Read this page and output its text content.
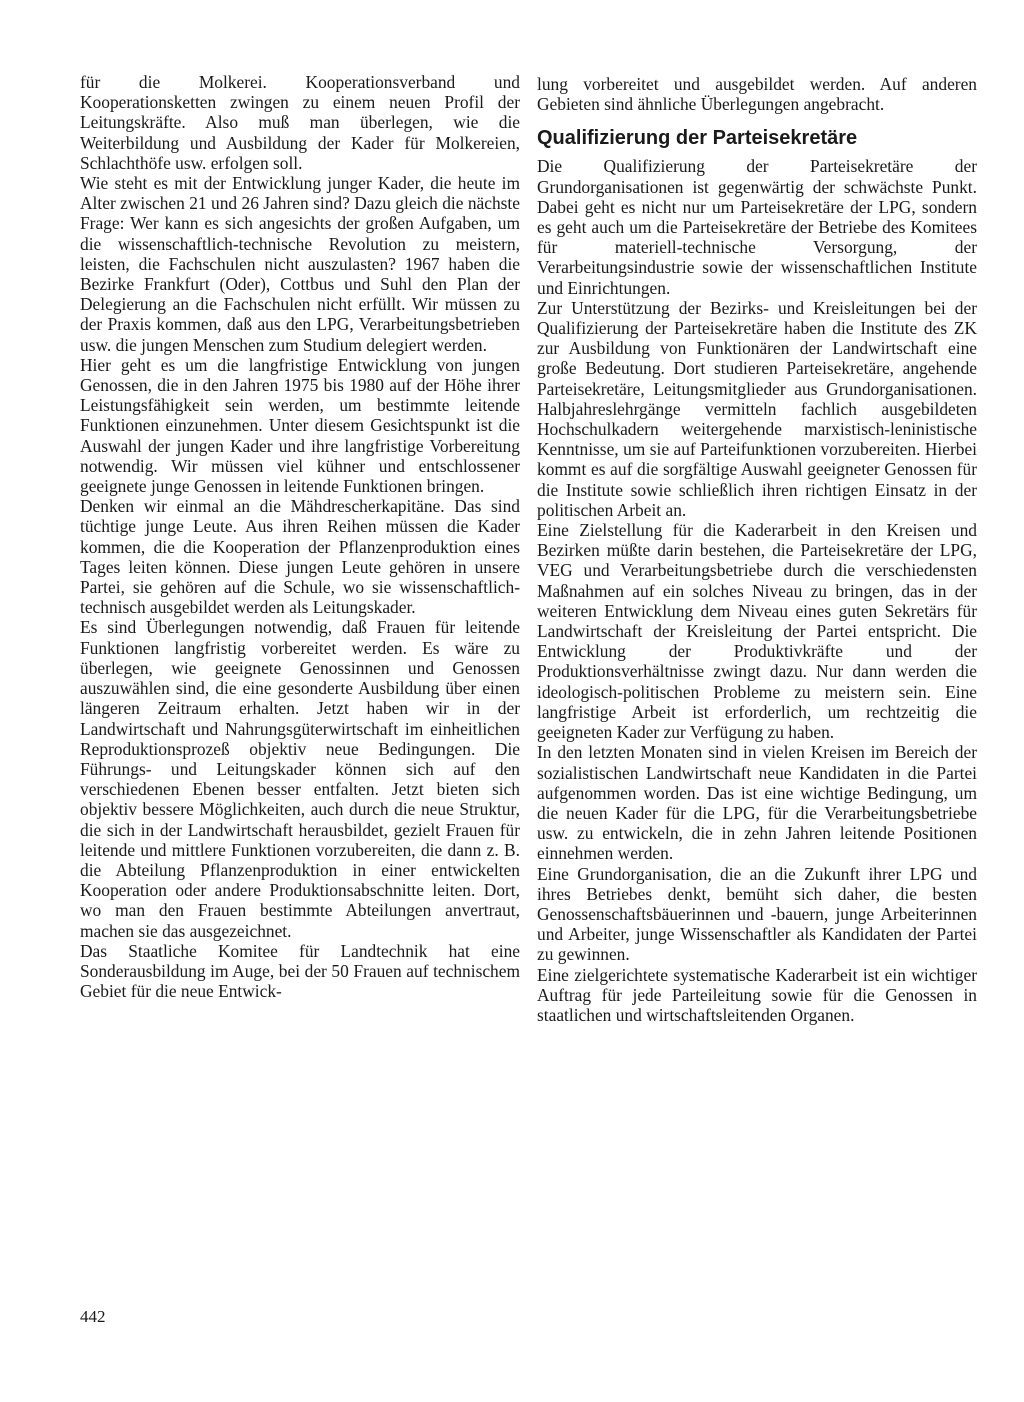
für die Molkerei. Kooperationsverband und Kooperationsketten zwingen zu einem neuen Profil der Leitungskräfte. Also muß man überlegen, wie die Weiterbildung und Ausbildung der Kader für Molkereien, Schlachthöfe usw. erfolgen soll.

Wie steht es mit der Entwicklung junger Kader, die heute im Alter zwischen 21 und 26 Jahren sind? Dazu gleich die nächste Frage: Wer kann es sich angesichts der großen Aufgaben, um die wissenschaftlich-technische Revolution zu meistern, leisten, die Fachschulen nicht auszulasten? 1967 haben die Bezirke Frankfurt (Oder), Cottbus und Suhl den Plan der Delegierung an die Fachschulen nicht erfüllt. Wir müssen zu der Praxis kommen, daß aus den LPG, Verarbeitungsbetrieben usw. die jungen Menschen zum Studium delegiert werden.

Hier geht es um die langfristige Entwicklung von jungen Genossen, die in den Jahren 1975 bis 1980 auf der Höhe ihrer Leistungsfähigkeit sein werden, um bestimmte leitende Funktionen einzunehmen. Unter diesem Gesichtspunkt ist die Auswahl der jungen Kader und ihre langfristige Vorbereitung notwendig. Wir müssen viel kühner und entschlossener geeignete junge Genossen in leitende Funktionen bringen.

Denken wir einmal an die Mähdrescherkapitäne. Das sind tüchtige junge Leute. Aus ihren Reihen müssen die Kader kommen, die die Kooperation der Pflanzenproduktion eines Tages leiten können. Diese jungen Leute gehören in unsere Partei, sie gehören auf die Schule, wo sie wissenschaftlich-technisch ausgebildet werden als Leitungskader.

Es sind Überlegungen notwendig, daß Frauen für leitende Funktionen langfristig vorbereitet werden. Es wäre zu überlegen, wie geeignete Genossinnen und Genossen auszuwählen sind, die eine gesonderte Ausbildung über einen längeren Zeitraum erhalten. Jetzt haben wir in der Landwirtschaft und Nahrungsgüterwirtschaft im einheitlichen Reproduktionsprozeß objektiv neue Bedingungen. Die Führungs- und Leitungskader können sich auf den verschiedenen Ebenen besser entfalten. Jetzt bieten sich objektiv bessere Möglichkeiten, auch durch die neue Struktur, die sich in der Landwirtschaft herausbildet, gezielt Frauen für leitende und mittlere Funktionen vorzubereiten, die dann z. B. die Abteilung Pflanzenproduktion in einer entwickelten Kooperation oder andere Produktionsabschnitte leiten. Dort, wo man den Frauen bestimmte Abteilungen anvertraut, machen sie das ausgezeichnet.

Das Staatliche Komitee für Landtechnik hat eine Sonderausbildung im Auge, bei der 50 Frauen auf technischem Gebiet für die neue Entwick-

lung vorbereitet und ausgebildet werden. Auf anderen Gebieten sind ähnliche Überlegungen angebracht.

Qualifizierung der Parteisekretäre

Die Qualifizierung der Parteisekretäre der Grundorganisationen ist gegenwärtig der schwächste Punkt. Dabei geht es nicht nur um Parteisekretäre der LPG, sondern es geht auch um die Parteisekretäre der Betriebe des Komitees für materiell-technische Versorgung, der Verarbeitungsindustrie sowie der wissenschaftlichen Institute und Einrichtungen.

Zur Unterstützung der Bezirks- und Kreisleitungen bei der Qualifizierung der Parteisekretäre haben die Institute des ZK zur Ausbildung von Funktionären der Landwirtschaft eine große Bedeutung. Dort studieren Parteisekretäre, angehende Parteisekretäre, Leitungsmitglieder aus Grundorganisationen. Halbjahreslehrgänge vermitteln fachlich ausgebildeten Hochschulkadern weitergehende marxistisch-leninistische Kenntnisse, um sie auf Parteifunktionen vorzubereiten. Hierbei kommt es auf die sorgfältige Auswahl geeigneter Genossen für die Institute sowie schließlich ihren richtigen Einsatz in der politischen Arbeit an.

Eine Zielstellung für die Kaderarbeit in den Kreisen und Bezirken müßte darin bestehen, die Parteisekretäre der LPG, VEG und Verarbeitungsbetriebe durch die verschiedensten Maßnahmen auf ein solches Niveau zu bringen, das in der weiteren Entwicklung dem Niveau eines guten Sekretärs für Landwirtschaft der Kreisleitung der Partei entspricht. Die Entwicklung der Produktivkräfte und der Produktionsverhältnisse zwingt dazu. Nur dann werden die ideologisch-politischen Probleme zu meistern sein. Eine langfristige Arbeit ist erforderlich, um rechtzeitig die geeigneten Kader zur Verfügung zu haben.

In den letzten Monaten sind in vielen Kreisen im Bereich der sozialistischen Landwirtschaft neue Kandidaten in die Partei aufgenommen worden. Das ist eine wichtige Bedingung, um die neuen Kader für die LPG, für die Verarbeitungsbetriebe usw. zu entwickeln, die in zehn Jahren leitende Positionen einnehmen werden.

Eine Grundorganisation, die an die Zukunft ihrer LPG und ihres Betriebes denkt, bemüht sich daher, die besten Genossenschaftsbäuerinnen und -bauern, junge Arbeiterinnen und Arbeiter, junge Wissenschaftler als Kandidaten der Partei zu gewinnen.

Eine zielgerichtete systematische Kaderarbeit ist ein wichtiger Auftrag für jede Parteileitung sowie für die Genossen in staatlichen und wirtschaftsleitenden Organen.

442
